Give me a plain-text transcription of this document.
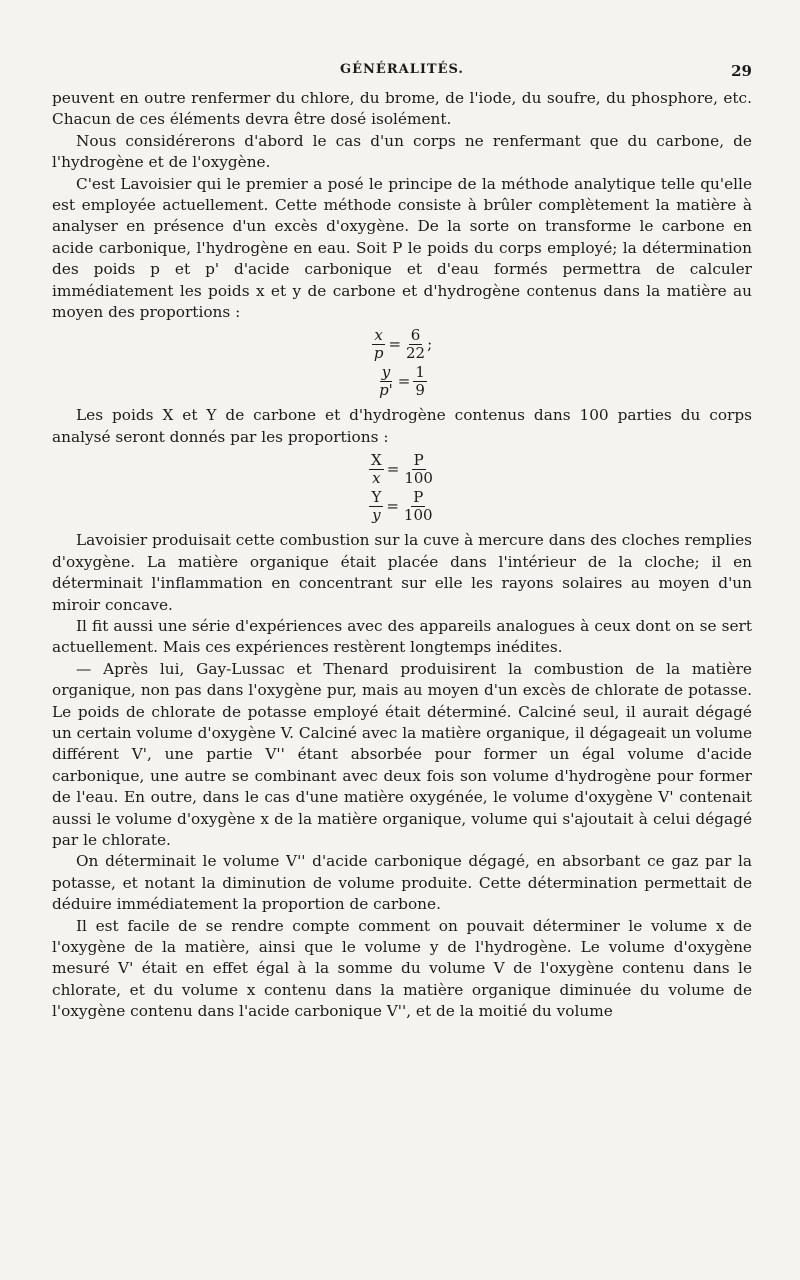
GÉNÉRALITÉS.	29

peuvent en outre renfermer du chlore, du brome, de l'iode, du soufre, du phosphore, etc. Chacun de ces éléments devra être dosé isolément.

Nous considérerons d'abord le cas d'un corps ne renfermant que du carbone, de l'hydrogène et de l'oxygène.

C'est Lavoisier qui le premier a posé le principe de la méthode analytique telle qu'elle est employée actuellement. Cette méthode consiste à brûler complètement la matière à analyser en présence d'un excès d'oxygène. De la sorte on transforme le carbone en acide carbonique, l'hydrogène en eau. Soit P le poids du corps employé; la détermination des poids p et p' d'acide carbonique et d'eau formés permettra de calculer immédiatement les poids x et y de carbone et d'hydrogène contenus dans la matière au moyen des proportions :

$\frac{x}{p} = \frac{6}{22}$ ;
$\frac{y}{p'} = \frac{1}{9}$

Les poids X et Y de carbone et d'hydrogène contenus dans 100 parties du corps analysé seront donnés par les proportions :

$\frac{X}{x} = \frac{P}{100}$
$\frac{Y}{y} = \frac{P}{100}$

Lavoisier produisait cette combustion sur la cuve à mercure dans des cloches remplies d'oxygène. La matière organique était placée dans l'intérieur de la cloche; il en déterminait l'inflammation en concentrant sur elle les rayons solaires au moyen d'un miroir concave.

Il fit aussi une série d'expériences avec des appareils analogues à ceux dont on se sert actuellement. Mais ces expériences restèrent longtemps inédites.

— Après lui, Gay-Lussac et Thenard produisirent la combustion de la matière organique, non pas dans l'oxygène pur, mais au moyen d'un excès de chlorate de potasse. Le poids de chlorate de potasse employé était déterminé. Calciné seul, il aurait dégagé un certain volume d'oxygène V. Calciné avec la matière organique, il dégageait un volume différent V', une partie V'' étant absorbée pour former un égal volume d'acide carbonique, une autre se combinant avec deux fois son volume d'hydrogène pour former de l'eau. En outre, dans le cas d'une matière oxygénée, le volume d'oxygène V' contenait aussi le volume d'oxygène x de la matière organique, volume qui s'ajoutait à celui dégagé par le chlorate.

On déterminait le volume V'' d'acide carbonique dégagé, en absorbant ce gaz par la potasse, et notant la diminution de volume produite. Cette détermination permettait de déduire immédiatement la proportion de carbone.

Il est facile de se rendre compte comment on pouvait déterminer le volume x de l'oxygène de la matière, ainsi que le volume y de l'hydrogène. Le volume d'oxygène mesuré V' était en effet égal à la somme du volume V de l'oxygène contenu dans le chlorate, et du volume x contenu dans la matière organique diminuée du volume de l'oxygène contenu dans l'acide carbonique V'', et de la moitié du volume
